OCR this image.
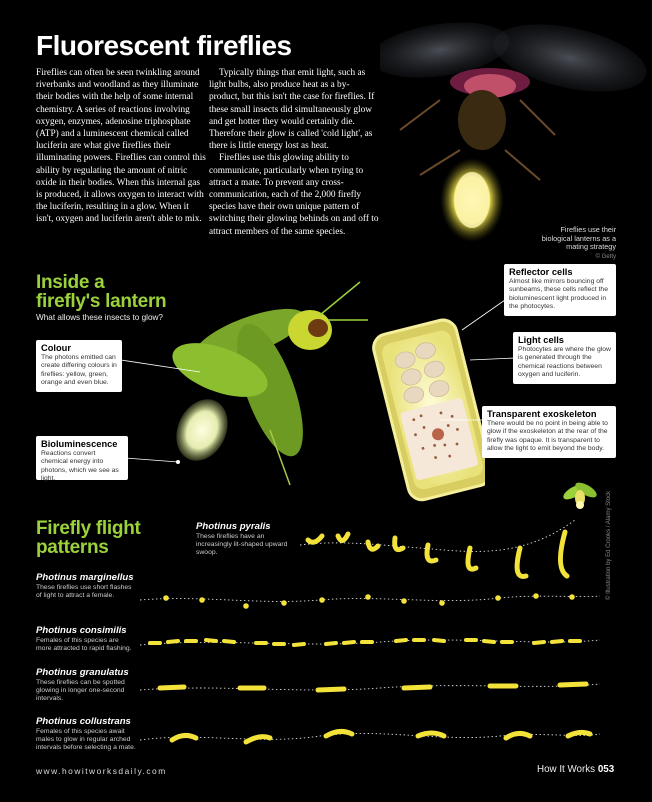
Fluorescent fireflies

Fireflies can often be seen twinkling around riverbanks and woodland as they illuminate their bodies with the help of some internal chemistry. A series of reactions involving oxygen, enzymes, adenosine triphosphate (ATP) and a luminescent chemical called luciferin are what give fireflies their illuminating powers. Fireflies can control this ability by regulating the amount of nitric oxide in their bodies. When this internal gas is produced, it allows oxygen to interact with the luciferin, resulting in a glow. When it isn't, oxygen and luciferin aren't able to mix.

Typically things that emit light, such as light bulbs, also produce heat as a by-product, but this isn't the case for fireflies. If these small insects did simultaneously glow and get hotter they would certainly die. Therefore their glow is called 'cold light', as there is little energy lost as heat.

Fireflies use this glowing ability to communicate, particularly when trying to attract a mate. To prevent any cross-communication, each of the 2,000 firefly species have their own unique pattern of switching their glowing behinds on and off to attract members of the same species.	Fireflies use their biological lanterns as a mating strategy
© Getty
Inside a
firefly's lantern
What allows these insects to glow?
Colour
The photons emitted can create differing colours in fireflies: yellow, green, orange and even blue.
Bioluminescence
Reactions convert chemical energy into photons, which we see as light.
Reflector cells
Almost like mirrors bouncing off sunbeams, these cells reflect the bioluminescent light produced in the photocytes.
Light cells
Photocytes are where the glow is generated through the chemical reactions between oxygen and luciferin.
Transparent exoskeleton
There would be no point in being able to glow if the exoskeleton at the rear of the firefly was opaque. It is transparent to allow the light to emit beyond the body.
Firefly flight
patterns
Photinus pyralis
These fireflies have an increasingly lit-shaped upward swoop.
Photinus marginellus
These fireflies use short flashes of light to attract a female.
Photinus consimilis
Females of this species are more attracted to rapid flashing.
Photinus granulatus
These fireflies can be spotted glowing in longer one-second intervals.
Photinus collustrans
Females of this species await males to glow in regular arched intervals before selecting a mate.
© Illustration by Ed Crooks / Alamy Stock
www.howitworksdaily.com	How It Works 053
